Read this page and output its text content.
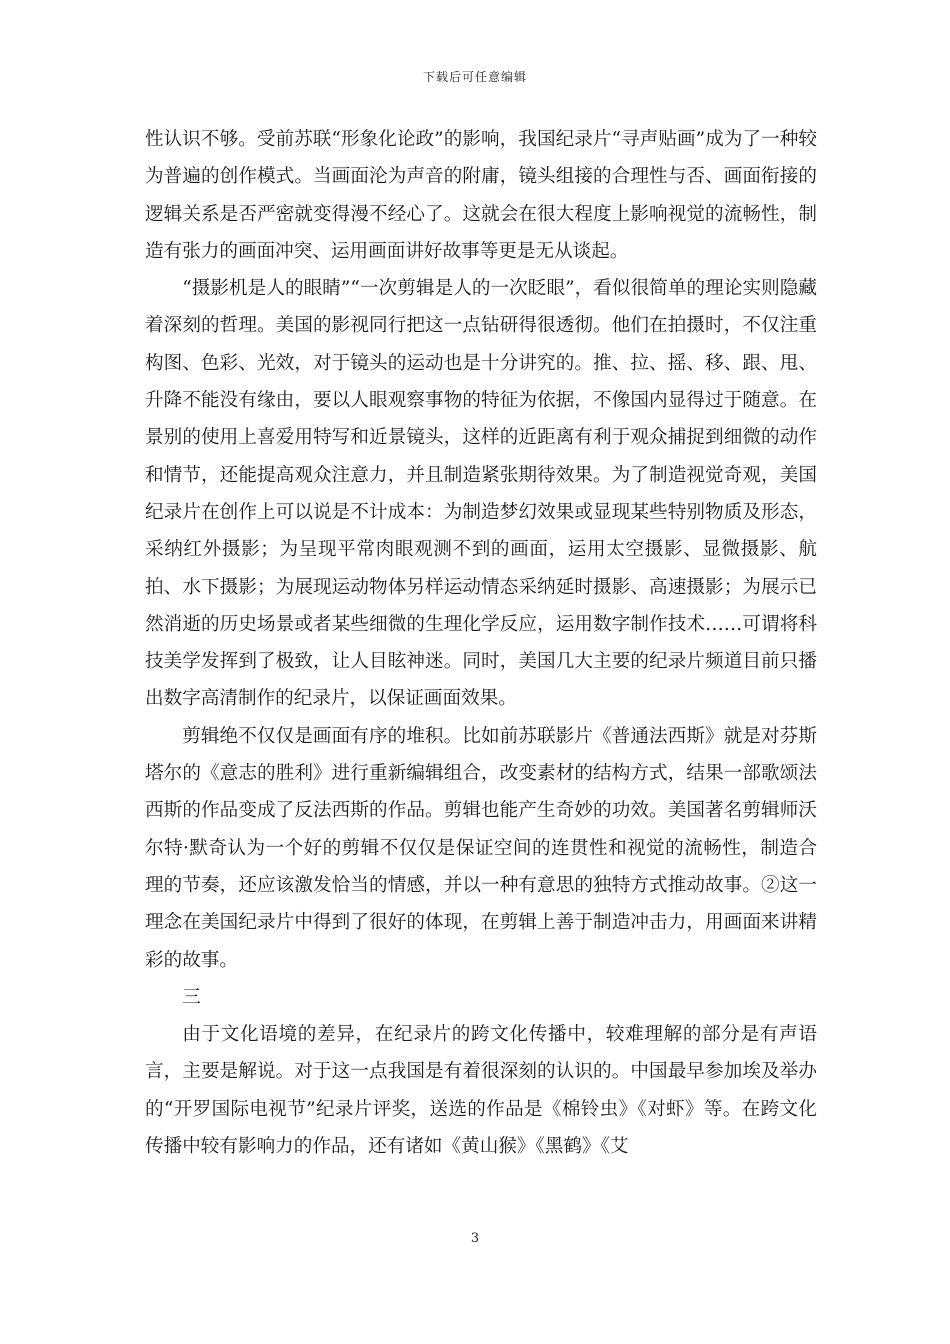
下载后可任意编辑

性认识不够。受前苏联“形象化论政”的影响，我国纪录片“寻声贴画”成为了一种较为普遍的创作模式。当画面沦为声音的附庸，镜头组接的合理性与否、画面衔接的逻辑关系是否严密就变得漫不经心了。这就会在很大程度上影响视觉的流畅性，制造有张力的画面冲突、运用画面讲好故事等更是无从谈起。

“摄影机是人的眼睛”“一次剪辑是人的一次眨眼”，看似很简单的理论实则隐藏着深刻的哲理。美国的影视同行把这一点钻研得很透彻。他们在拍摄时，不仅注重构图、色彩、光效，对于镜头的运动也是十分讲究的。推、拉、摇、移、跟、甩、升降不能没有缘由，要以人眼观察事物的特征为依据，不像国内显得过于随意。在景别的使用上喜爱用特写和近景镜头，这样的近距离有利于观众捕捉到细微的动作和情节，还能提高观众注意力，并且制造紧张期待效果。为了制造视觉奇观，美国纪录片在创作上可以说是不计成本：为制造梦幻效果或显现某些特别物质及形态，采纳红外摄影；为呈现平常肉眼观测不到的画面，运用太空摄影、显微摄影、航拍、水下摄影；为展现运动物体另样运动情态采纳延时摄影、高速摄影；为展示已然消逝的历史场景或者某些细微的生理化学反应，运用数字制作技术……可谓将科技美学发挥到了极致，让人目眩神迷。同时，美国几大主要的纪录片频道目前只播出数字高清制作的纪录片，以保证画面效果。

剪辑绝不仅仅是画面有序的堆积。比如前苏联影片《普通法西斯》就是对芬斯塔尔的《意志的胜利》进行重新编辑组合，改变素材的结构方式，结果一部歌颂法西斯的作品变成了反法西斯的作品。剪辑也能产生奇妙的功效。美国著名剪辑师沃尔特·默奇认为一个好的剪辑不仅仅是保证空间的连贯性和视觉的流畅性，制造合理的节奏，还应该激发恰当的情感，并以一种有意思的独特方式推动故事。②这一理念在美国纪录片中得到了很好的体现，在剪辑上善于制造冲击力，用画面来讲精彩的故事。

三

由于文化语境的差异，在纪录片的跨文化传播中，较难理解的部分是有声语言，主要是解说。对于这一点我国是有着很深刻的认识的。中国最早参加埃及举办的“开罗国际电视节”纪录片评奖，送选的作品是《棉铃虫》《对虾》等。在跨文化传播中较有影响力的作品，还有诸如《黄山猴》《黑鹤》《艾

3
